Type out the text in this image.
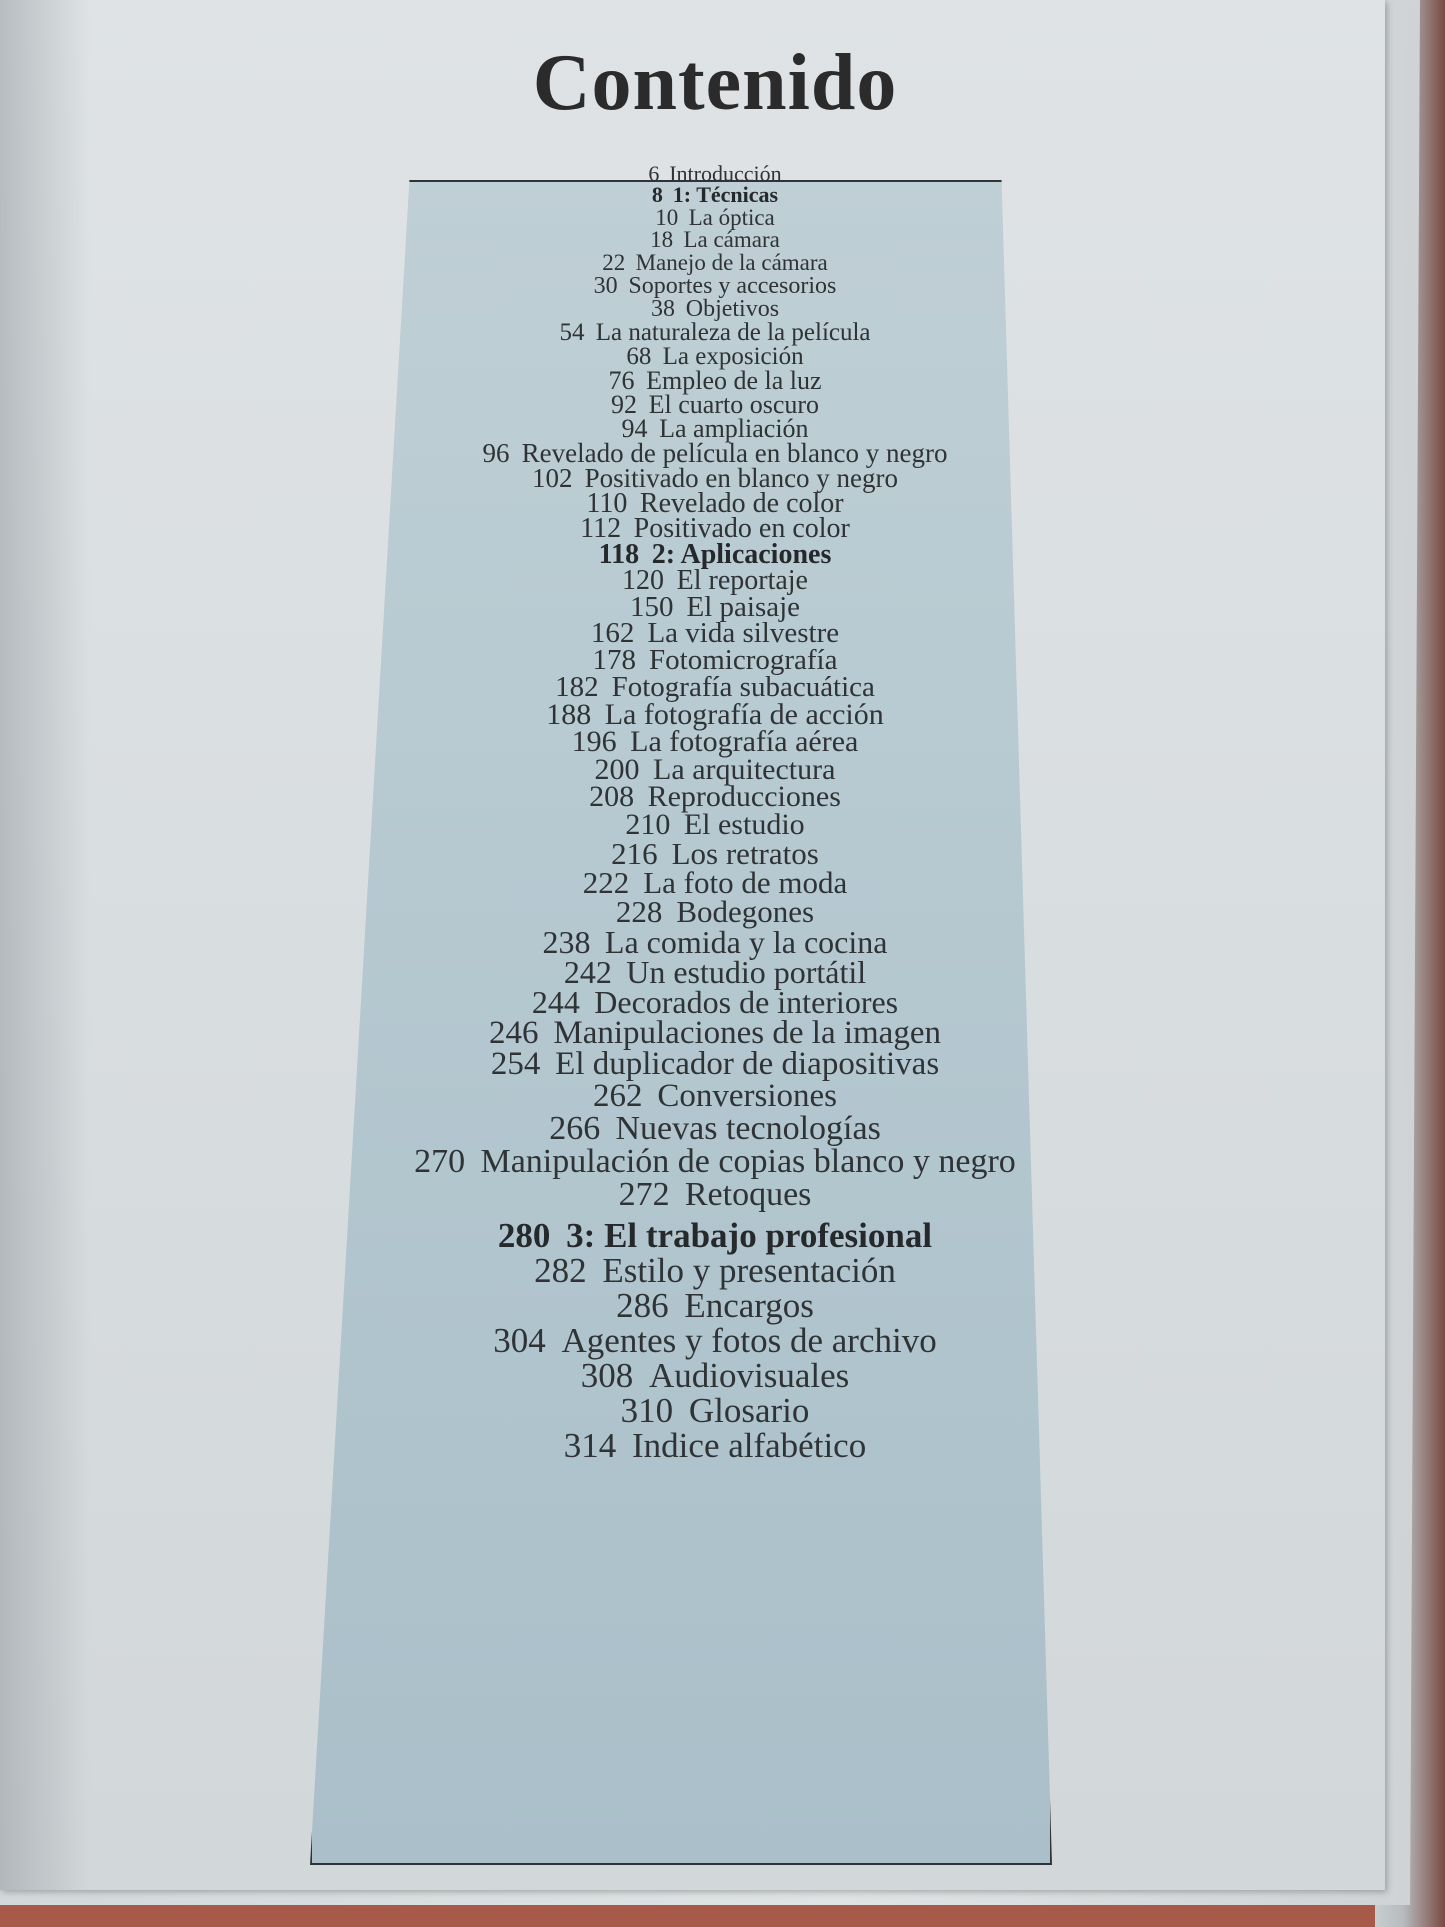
Contenido
6 Introducción
8 1: Técnicas
10 La óptica
18 La cámara
22 Manejo de la cámara
30 Soportes y accesorios
38 Objetivos
54 La naturaleza de la película
68 La exposición
76 Empleo de la luz
92 El cuarto oscuro
94 La ampliación
96 Revelado de película en blanco y negro
102 Positivado en blanco y negro
110 Revelado de color
112 Positivado en color
118 2: Aplicaciones
120 El reportaje
150 El paisaje
162 La vida silvestre
178 Fotomicrografía
182 Fotografía subacuática
188 La fotografía de acción
196 La fotografía aérea
200 La arquitectura
208 Reproducciones
210 El estudio
216 Los retratos
222 La foto de moda
228 Bodegones
238 La comida y la cocina
242 Un estudio portátil
244 Decorados de interiores
246 Manipulaciones de la imagen
254 El duplicador de diapositivas
262 Conversiones
266 Nuevas tecnologías
270 Manipulación de copias blanco y negro
272 Retoques
280 3: El trabajo profesional
282 Estilo y presentación
286 Encargos
304 Agentes y fotos de archivo
308 Audiovisuales
310 Glosario
314 Indice alfabético
